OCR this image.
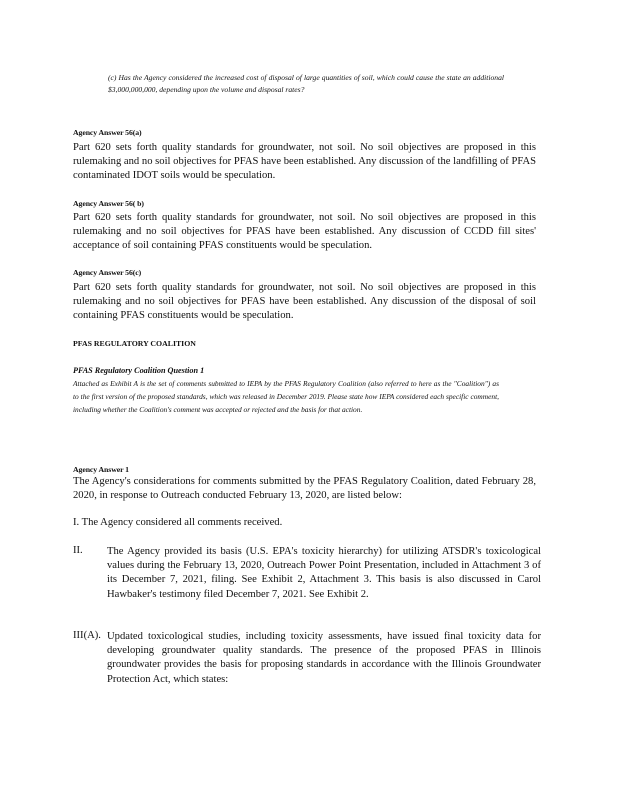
(c) Has the Agency considered the increased cost of disposal of large quantities of soil, which could cause the state an additional $3,000,000,000, depending upon the volume and disposal rates?

Agency Answer 56(a)

Part 620 sets forth quality standards for groundwater, not soil. No soil objectives are proposed in this rulemaking and no soil objectives for PFAS have been established. Any discussion of the landfilling of PFAS contaminated IDOT soils would be speculation.

Agency Answer 56( b)

Part 620 sets forth quality standards for groundwater, not soil. No soil objectives are proposed in this rulemaking and no soil objectives for PFAS have been established. Any discussion of CCDD fill sites' acceptance of soil containing PFAS constituents would be speculation.

Agency Answer 56(c)

Part 620 sets forth quality standards for groundwater, not soil. No soil objectives are proposed in this rulemaking and no soil objectives for PFAS have been established. Any discussion of the disposal of soil containing PFAS constituents would be speculation.

PFAS REGULATORY COALITION
PFAS Regulatory Coalition Question 1

Attached as Exhibit A is the set of comments submitted to IEPA by the PFAS Regulatory Coalition (also referred to here as the "Coalition") as to the first version of the proposed standards, which was released in December 2019. Please state how IEPA considered each specific comment, including whether the Coalition's comment was accepted or rejected and the basis for that action.

Agency Answer 1

The Agency's considerations for comments submitted by the PFAS Regulatory Coalition, dated February 28, 2020, in response to Outreach conducted February 13, 2020, are listed below:

I. The Agency considered all comments received.
II. The Agency provided its basis (U.S. EPA's toxicity hierarchy) for utilizing ATSDR's toxicological values during the February 13, 2020, Outreach Power Point Presentation, included in Attachment 3 of its December 7, 2021, filing. See Exhibit 2, Attachment 3. This basis is also discussed in Carol Hawbaker's testimony filed December 7, 2021. See Exhibit 2.

III(A). Updated toxicological studies, including toxicity assessments, have issued final toxicity data for developing groundwater quality standards. The presence of the proposed PFAS in Illinois groundwater provides the basis for proposing standards in accordance with the Illinois Groundwater Protection Act, which states:
